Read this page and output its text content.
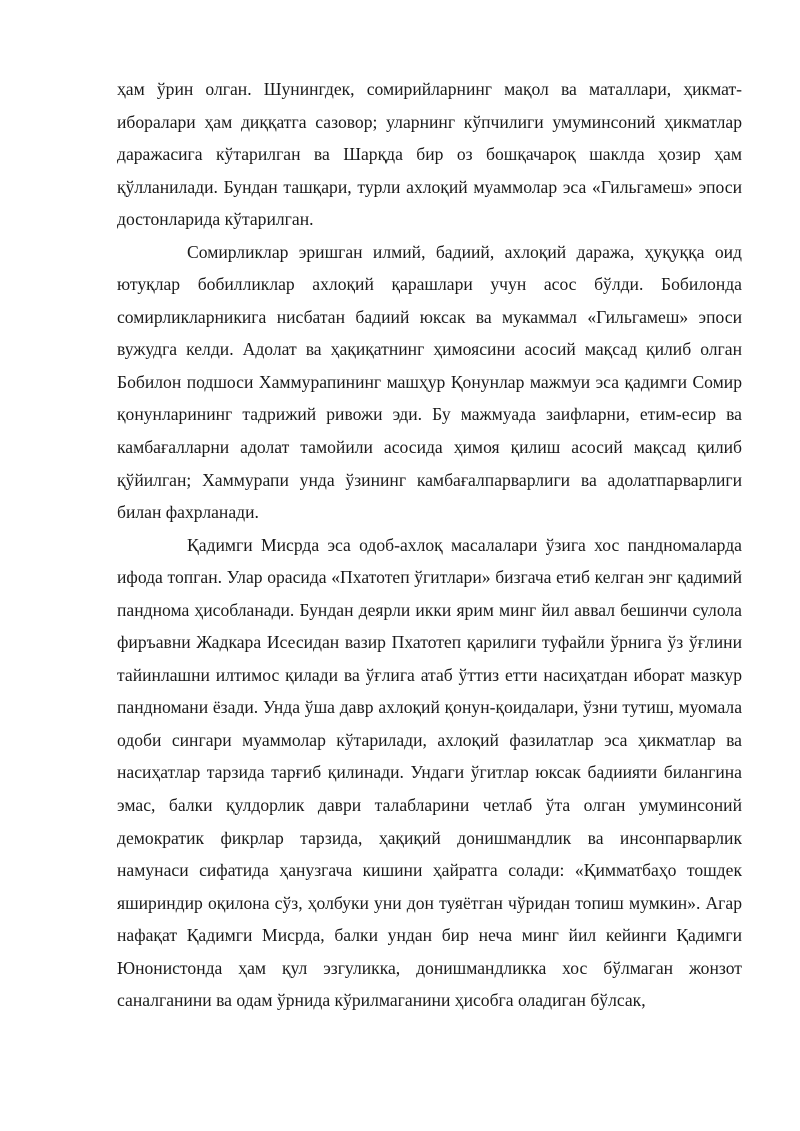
ҳам ўрин олган. Шунингдек, сомирийларнинг мақол ва маталлари, ҳикмат-иборалари ҳам диққатга сазовор; уларнинг кўпчилиги умуминсоний ҳикматлар даражасига кўтарилган ва Шарқда бир оз бошқачароқ шаклда ҳозир ҳам қўлланилади. Бундан ташқари, турли ахлоқий муаммолар эса «Гильгамеш» эпоси достонларида кўтарилган.

Сомирликлар эришган илмий, бадиий, ахлоқий даража, ҳуқуққа оид ютуқлар бобилликлар ахлоқий қарашлари учун асос бўлди. Бобилонда сомирликларникига нисбатан бадиий юксак ва мукаммал «Гильгамеш» эпоси вужудга келди. Адолат ва ҳақиқатнинг ҳимоясини асосий мақсад қилиб олган Бобилон подшоси Хаммурапининг машҳур Қонунлар мажмуи эса қадимги Сомир қонунларининг тадрижий ривожи эди. Бу мажмуада заифларни, етим-есир ва камбағалларни адолат тамойили асосида ҳимоя қилиш асосий мақсад қилиб қўйилган; Хаммурапи унда ўзининг камбағалпарварлиги ва адолатпарварлиги билан фахрланади.

Қадимги Мисрда эса одоб-ахлоқ масалалари ўзига хос пандномаларда ифода топган. Улар орасида «Пхатотеп ўгитлари» бизгача етиб келган энг қадимий панднома ҳисобланади. Бундан деярли икки ярим минг йил аввал бешинчи сулола фиръавни Жадкара Исесидан вазир Пхатотеп қарилиги туфайли ўрнига ўз ўғлини тайинлашни илтимос қилади ва ўғлига атаб ўттиз етти насиҳатдан иборат мазкур пандномани ёзади. Унда ўша давр ахлоқий қонун-қоидалари, ўзни тутиш, муомала одоби сингари муаммолар кўтарилади, ахлоқий фазилатлар эса ҳикматлар ва насиҳатлар тарзида тарғиб қилинади. Ундаги ўгитлар юксак бадиияти билангина эмас, балки қулдорлик даври талабларини четлаб ўта олган умуминсоний демократик фикрлар тарзида, ҳақиқий донишмандлик ва инсонпарварлик намунаси сифатида ҳанузгача кишини ҳайратга солади: «Қимматбаҳо тошдек яшириндир оқилона сўз, ҳолбуки уни дон туяётган чўридан топиш мумкин». Агар нафақат Қадимги Мисрда, балки ундан бир неча минг йил кейинги Қадимги Юнонистонда ҳам қул эзгуликка, донишмандликка хос бўлмаган жонзот саналганини ва одам ўрнида кўрилмаганини ҳисобга оладиган бўлсак,
